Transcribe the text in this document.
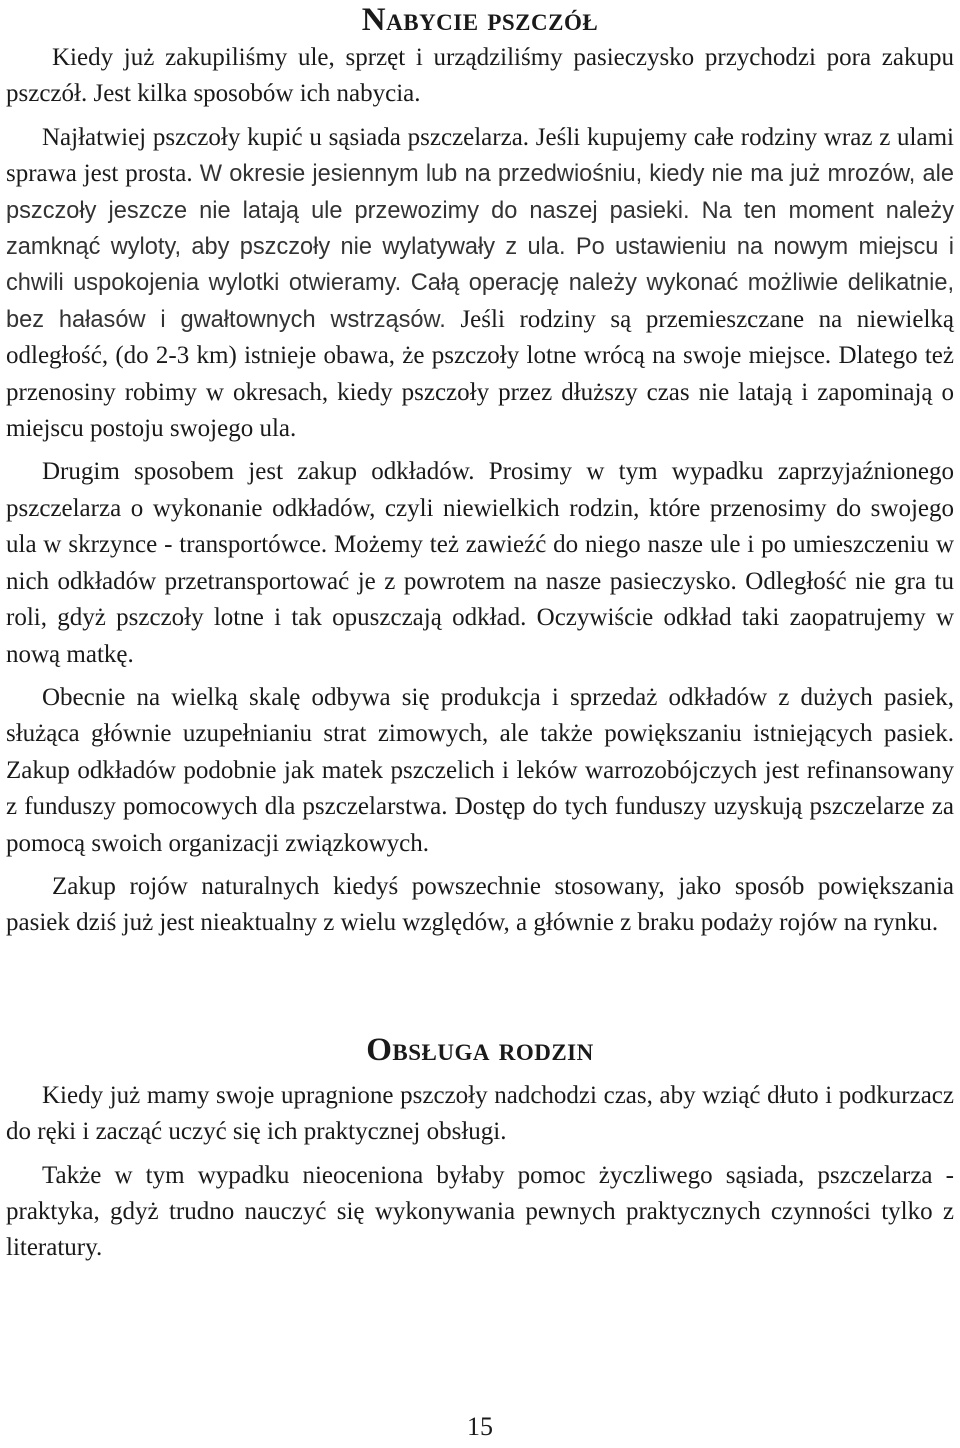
Nabycie pszczół

Kiedy już zakupiliśmy ule, sprzęt i urządziliśmy pasieczysko przychodzi pora zakupu pszczół. Jest kilka sposobów ich nabycia.

Najłatwiej pszczoły kupić u sąsiada pszczelarza. Jeśli kupujemy całe rodziny wraz z ulami sprawa jest prosta. W okresie jesiennym lub na przedwiośniu, kiedy nie ma już mrozów, ale pszczoły jeszcze nie latają ule przewozimy do naszej pasieki. Na ten moment należy zamknąć wyloty, aby pszczoły nie wylatywały z ula. Po ustawieniu na nowym miejscu i chwili uspokojenia wylotki otwieramy. Całą operację należy wykonać możliwie delikatnie, bez hałasów i gwałtownych wstrząsów. Jeśli rodziny są przemieszczane na niewielką odległość, (do 2-3 km) istnieje obawa, że pszczoły lotne wrócą na swoje miejsce. Dlatego też przenosiny robimy w okresach, kiedy pszczoły przez dłuższy czas nie latają i zapominają o miejscu postoju swojego ula.

Drugim sposobem jest zakup odkładów. Prosimy w tym wypadku zaprzyjaźnionego pszczelarza o wykonanie odkładów, czyli niewielkich rodzin, które przenosimy do swojego ula w skrzynce - transportówce. Możemy też zawieźć do niego nasze ule i po umieszczeniu w nich odkładów przetransportować je z powrotem na nasze pasieczysko. Odległość nie gra tu roli, gdyż pszczoły lotne i tak opuszczają odkład. Oczywiście odkład taki zaopatrujemy w nową matkę.

Obecnie na wielką skalę odbywa się produkcja i sprzedaż odkładów z dużych pasiek, służąca głównie uzupełnianiu strat zimowych, ale także powiększaniu istniejących pasiek. Zakup odkładów podobnie jak matek pszczelich i leków warrozobójczych jest refinansowany z funduszy pomocowych dla pszczelarstwa. Dostęp do tych funduszy uzyskują pszczelarze za pomocą swoich organizacji związkowych.

Zakup rojów naturalnych kiedyś powszechnie stosowany, jako sposób powiększania pasiek dziś już jest nieaktualny z wielu względów, a głównie z braku podaży rojów na rynku.

Obsługa rodzin

Kiedy już mamy swoje upragnione pszczoły nadchodzi czas, aby wziąć dłuto i podkurzacz do ręki i zacząć uczyć się ich praktycznej obsługi.

Także w tym wypadku nieoceniona byłaby pomoc życzliwego sąsiada, pszczelarza - praktyka, gdyż trudno nauczyć się wykonywania pewnych praktycznych czynności tylko z literatury.

15
